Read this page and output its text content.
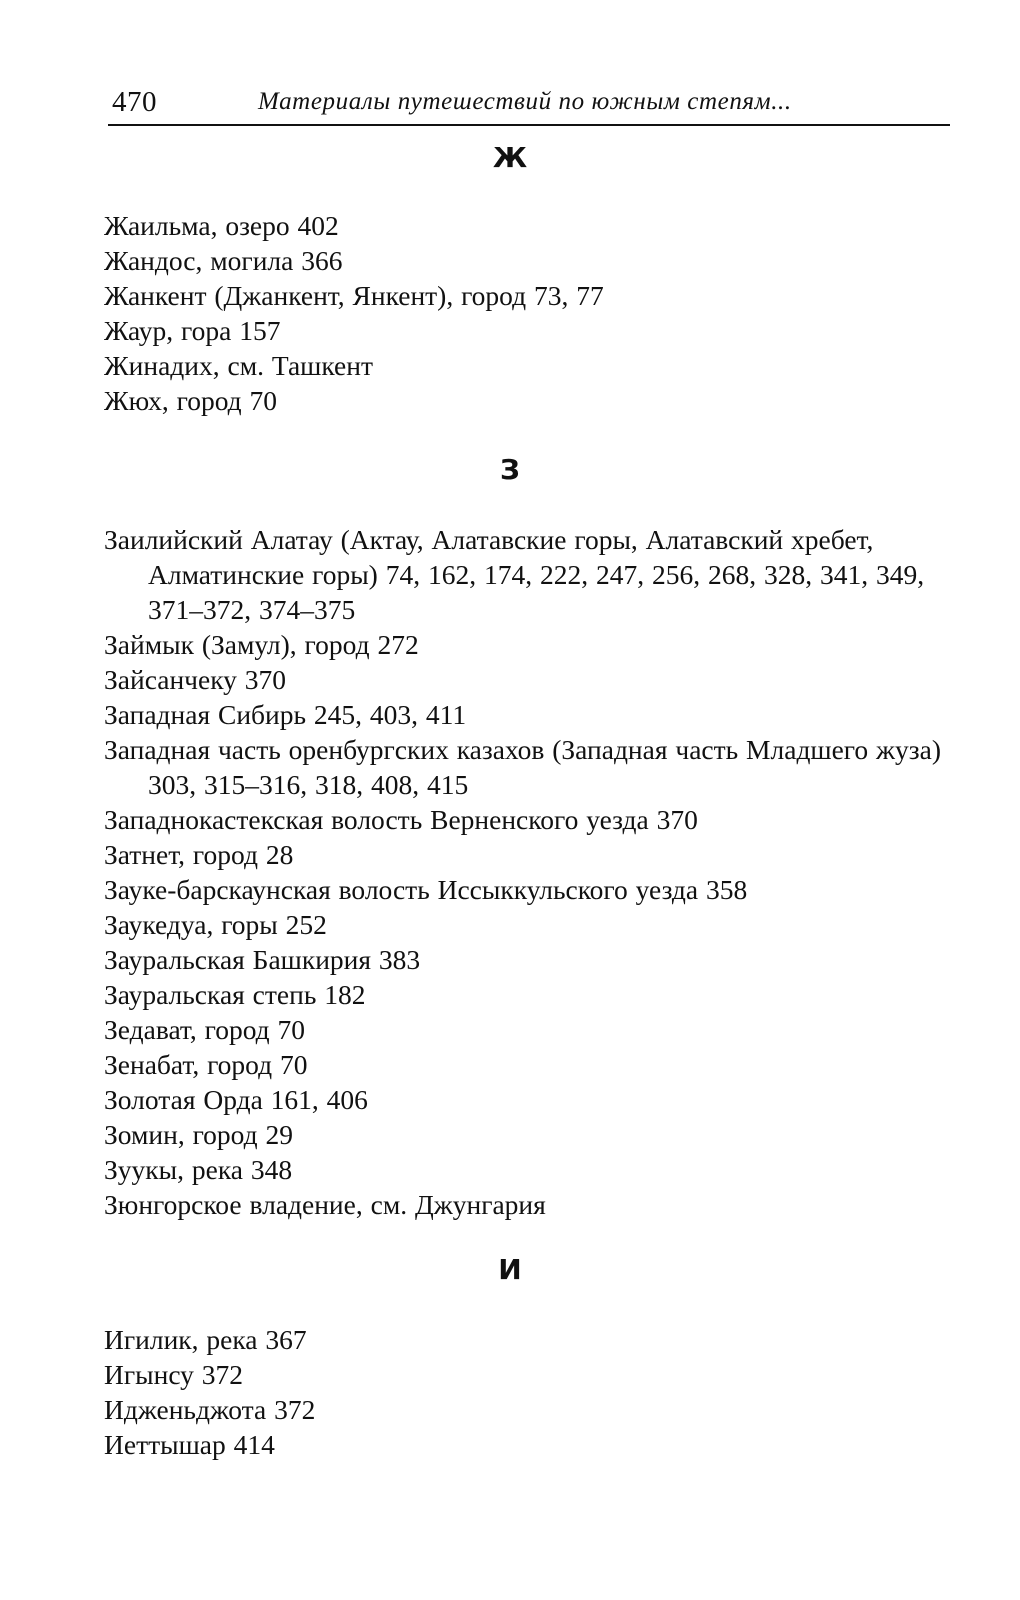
470	Материалы путешествий по южным степям...
Ж
Жаильма, озеро 402
Жандос, могила 366
Жанкент (Джанкент, Янкент), город 73, 77
Жаур, гора 157
Жинадих, см. Ташкент
Жюх, город 70
З
Заилийский Алатау (Актау, Алатавские горы, Алатавский хребет, Алматинские горы) 74, 162, 174, 222, 247, 256, 268, 328, 341, 349, 371–372, 374–375
Займык (Замул), город 272
Зайсанчеку 370
Западная Сибирь 245, 403, 411
Западная часть оренбургских казахов (Западная часть Младшего жуза) 303, 315–316, 318, 408, 415
Западнокастекская волость Верненского уезда 370
Затнет, город 28
Зауке-барскаунская волость Иссыккульского уезда 358
Заукедуа, горы 252
Зауральская Башкирия 383
Зауральская степь 182
Зедават, город 70
Зенабат, город 70
Золотая Орда 161, 406
Зомин, город 29
Зуукы, река 348
Зюнгорское владение, см. Джунгария
И
Игилик, река 367
Игынсу 372
Идженьджота 372
Иеттышар 414
